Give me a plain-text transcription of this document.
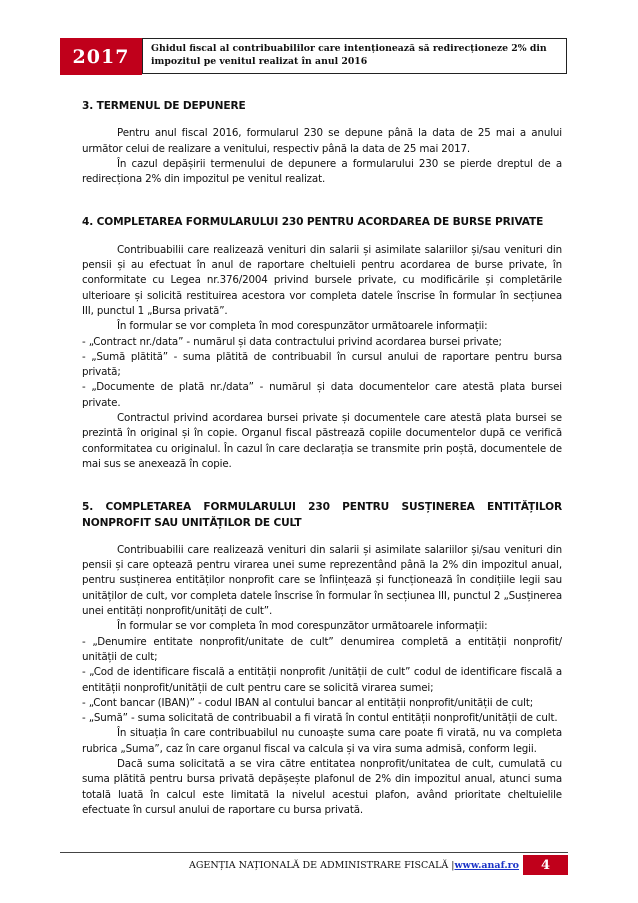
2017	Ghidul fiscal al contribuabililor care intenționează să redirecționeze 2% din
impozitul pe venitul realizat în anul 2016

3. TERMENUL DE DEPUNERE

Pentru anul fiscal 2016, formularul 230 se depune până la data de 25 mai a anului următor celui de realizare a venitului, respectiv până la data de 25 mai 2017.

În cazul depășirii termenului de depunere a formularului 230 se pierde dreptul de a redirecționa 2% din impozitul pe venitul realizat.

4. COMPLETAREA FORMULARULUI 230 PENTRU ACORDAREA DE BURSE PRIVATE

Contribuabilii care realizează venituri din salarii și asimilate salariilor și/sau venituri din pensii și au efectuat în anul de raportare cheltuieli pentru acordarea de burse private, în conformitate cu Legea nr.376/2004 privind bursele private, cu modificările și completările ulterioare și solicită restituirea acestora vor completa datele înscrise în formular în secțiunea III, punctul 1 „Bursa privată”.

În formular se vor completa în mod corespunzător următoarele informații:

- „Contract nr./data” - numărul și data contractului privind acordarea bursei private;

- „Sumă plătită” - suma plătită de contribuabil în cursul anului de raportare pentru bursa privată;

- „Documente de plată nr./data” - numărul și data documentelor care atestă plata bursei private.

Contractul privind acordarea bursei private și documentele care atestă plata bursei se prezintă în original și în copie. Organul fiscal păstrează copiile documentelor după ce verifică conformitatea cu originalul. În cazul în care declarația se transmite prin poștă, documentele de mai sus se anexează în copie.

5. COMPLETAREA FORMULARULUI 230 PENTRU SUSȚINEREA ENTITĂȚILOR NONPROFIT SAU UNITĂȚILOR DE CULT

Contribuabilii care realizează venituri din salarii și asimilate salariilor și/sau venituri din pensii și care optează pentru virarea unei sume reprezentând până la 2% din impozitul anual, pentru susținerea entităților nonprofit care se înființează și funcționează în condițiile legii sau unităților de cult, vor completa datele înscrise în formular în secțiunea III, punctul 2 „Susținerea unei entități nonprofit/unități de cult”.

În formular se vor completa în mod corespunzător următoarele informații:

- „Denumire entitate nonprofit/unitate de cult” denumirea completă a entității nonprofit/ unității de cult;

- „Cod de identificare fiscală a entității nonprofit /unității de cult” codul de identificare fiscală a entității nonprofit/unității de cult pentru care se solicită virarea sumei;

- „Cont bancar (IBAN)” - codul IBAN al contului bancar al entității nonprofit/unității de cult;

- „Sumă” - suma solicitată de contribuabil a fi virată în contul entității nonprofit/unității de cult.

În situația în care contribuabilul nu cunoaște suma care poate fi virată, nu va completa rubrica „Suma”, caz în care organul fiscal va calcula și va vira suma admisă, conform legii.

Dacă suma solicitată a se vira către entitatea nonprofit/unitatea de cult, cumulată cu suma plătită pentru bursa privată depășește plafonul de 2% din impozitul anual, atunci suma totală luată în calcul este limitată la nivelul acestui plafon, având prioritate cheltuielile efectuate în cursul anului de raportare cu bursa privată.

AGENȚIA NAȚIONALĂ DE ADMINISTRARE FISCALĂ | www.anaf.ro	4
